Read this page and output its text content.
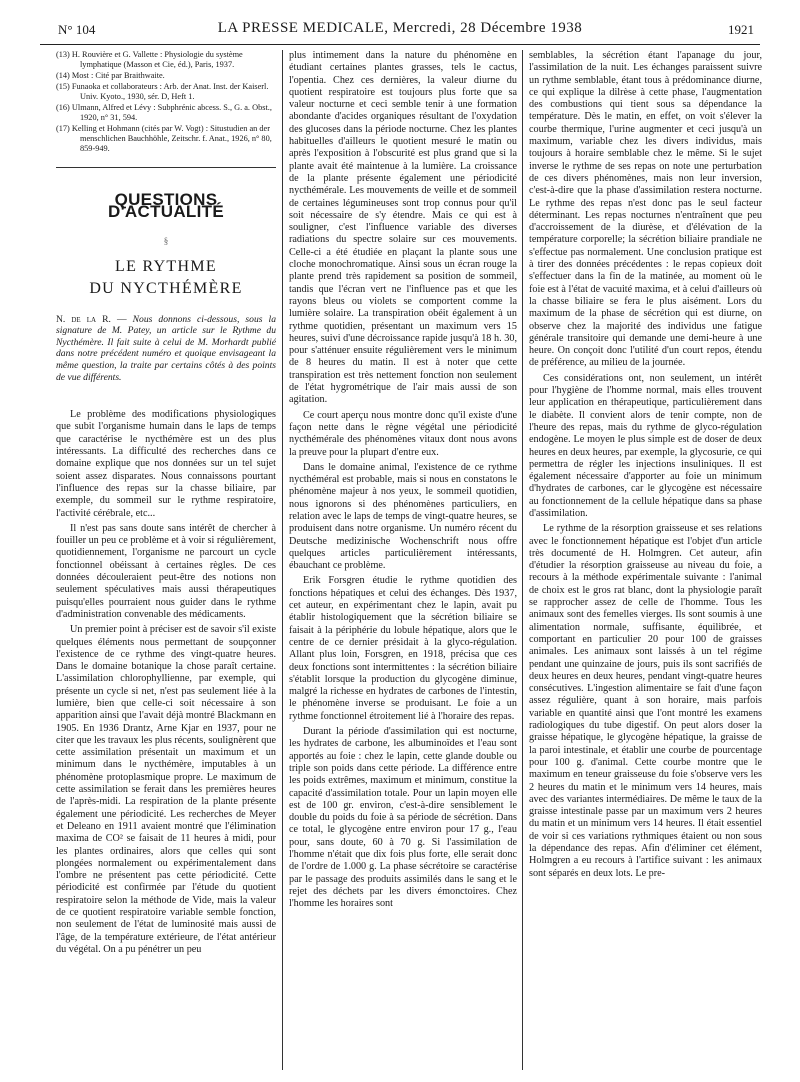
N° 104	LA PRESSE MEDICALE, Mercredi, 28 Décembre 1938	1921
(13) H. Rouvière et G. Vallette : Physiologie du système lymphatique (Masson et Cie, éd.), Paris, 1937.
(14) Most : Cité par Braithwaite.
(15) Funaoka et collaborateurs : Arb. der Anat. Inst. der Kaiserl. Univ. Kyoto., 1930, sér. D, Heft 1.
(16) Ulmann, Alfred et Lévy : Subphrénic abcess. S., G. a. Obst., 1920, n° 31, 594.
(17) Kelling et Hohmann (cités par W. Vogt) : Situstudien an der menschlichen Bauchhöhle, Zeitschr. f. Anat., 1926, n° 80, 859-949.
QUESTIONS D'ACTUALITÉ
§
LE RYTHME
DU NYCTHÉMÈRE

N. de la R. — Nous donnons ci-dessous, sous la signature de M. Patey, un article sur le Rythme du Nycthémère. Il fait suite à celui de M. Morhardt publié dans notre précédent numéro et quoique envisageant la même question, la traite par certains côtés à des points de vue différents.

Le problème des modifications physiologiques que subit l'organisme humain dans le laps de temps que caractérise le nycthémère est un des plus intéressants. La difficulté des recherches dans ce domaine explique que nos données sur un tel sujet soient assez disparates. Nous connaissons pourtant l'influence des repas sur la chasse biliaire, par exemple, du sommeil sur le rythme respiratoire, l'activité cérébrale, etc...

Il n'est pas sans doute sans intérêt de chercher à fouiller un peu ce problème et à voir si régulièrement, quotidiennement, l'organisme ne parcourt un cycle fonctionnel obéissant à certaines règles. De ces données découleraient peut-être des notions non seulement spéculatives mais aussi thérapeutiques puisqu'elles pourraient nous guider dans le rythme d'administration convenable des médicaments.

Un premier point à préciser est de savoir s'il existe quelques éléments nous permettant de soupçonner l'existence de ce rythme des vingt-quatre heures. Dans le domaine botanique la chose paraît certaine. L'assimilation chlorophyllienne, par exemple, qui présente un cycle si net, n'est pas seulement liée à la lumière, bien que celle-ci soit nécessaire à son apparition ainsi que l'avait déjà montré Blackmann en 1905. En 1936 Drantz, Arne Kjar en 1937, pour ne citer que les travaux les plus récents, soulignèrent que cette assimilation présentait un maximum et un minimum dans le nycthémère, imputables à un phénomène protoplasmique propre. Le maximum de cette assimilation se ferait dans les premières heures de l'après-midi. La respiration de la plante présente également une périodicité. Les recherches de Meyer et Deleano en 1911 avaient montré que l'élimination maxima de CO² se faisait de 11 heures à midi, pour les plantes ordinaires, alors que celles qui sont plongées normalement ou expérimentalement dans l'ombre ne présentent pas cette périodicité. Cette périodicité est confirmée par l'étude du quotient respiratoire selon la méthode de Vide, mais la valeur de ce quotient respiratoire variable semble fonction, non seulement de l'état de luminosité mais aussi de l'âge, de la température extérieure, de l'état antérieur du végétal. On a pu pénétrer un peu

plus intimement dans la nature du phénomène en étudiant certaines plantes grasses, tels le cactus, l'opentia. Chez ces dernières, la valeur diurne du quotient respiratoire est toujours plus forte que sa valeur nocturne et ceci semble tenir à une formation abondante d'acides organiques résultant de l'oxydation des glucoses dans la période nocturne. Chez les plantes habituelles d'ailleurs le quotient mesuré le matin ou après l'exposition à l'obscurité est plus grand que si la plante avait été maintenue à la lumière. La croissance de la plante présente également une périodicité nycthémérale. Les mouvements de veille et de sommeil de certaines légumineuses sont trop connus pour qu'il soit nécessaire de s'y étendre. Mais ce qui est à souligner, c'est l'influence variable des diverses radiations du spectre solaire sur ces mouvements. Celle-ci a été étudiée en plaçant la plante sous une cloche monochromatique. Ainsi sous un écran rouge la plante prend très rapidement sa position de sommeil, tandis que l'écran vert ne l'influence pas et que les rayons bleus ou violets se comportent comme la lumière solaire. La transpiration obéit également à un rythme quotidien, présentant un maximum vers 15 heures, suivi d'une décroissance rapide jusqu'à 18 h. 30, pour s'atténuer ensuite régulièrement vers le minimum de 8 heures du matin. Il est à noter que cette transpiration est très nettement fonction non seulement de l'état hygrométrique de l'air mais aussi de son agitation.

Ce court aperçu nous montre donc qu'il existe d'une façon nette dans le règne végétal une périodicité nycthémérale des phénomènes vitaux dont nous avons la preuve pour la plupart d'entre eux.

Dans le domaine animal, l'existence de ce rythme nycthéméral est probable, mais si nous en constatons le phénomène majeur à nos yeux, le sommeil quotidien, nous ignorons si des phénomènes particuliers, en relation avec le laps de temps de vingt-quatre heures, se produisent dans notre organisme. Un numéro récent du Deutsche medizinische Wochenschrift nous offre quelques articles particulièrement intéressants, ébauchant ce problème.

Erik Forsgren étudie le rythme quotidien des fonctions hépatiques et celui des échanges. Dès 1937, cet auteur, en expérimentant chez le lapin, avait pu établir histologiquement que la sécrétion biliaire se faisait à la périphérie du lobule hépatique, alors que le centre de ce dernier présidait à la glyco-régulation. Allant plus loin, Forsgren, en 1918, précisa que ces deux fonctions sont intermittentes : la sécrétion biliaire s'établit lorsque la production du glycogène diminue, malgré la richesse en hydrates de carbones de l'intestin, le phénomène inverse se produisant. Le foie a un rythme fonctionnel étroitement lié à l'horaire des repas.

Durant la période d'assimilation qui est nocturne, les hydrates de carbone, les albuminoïdes et l'eau sont apportés au foie : chez le lapin, cette glande double ou triple son poids dans cette période. La différence entre les poids extrêmes, maximum et minimum, constitue la capacité d'assimilation totale. Pour un lapin moyen elle est de 100 gr. environ, c'est-à-dire sensiblement le double du poids du foie à sa période de sécrétion. Dans ce total, le glycogène entre environ pour 17 g., l'eau pour, sans doute, 60 à 70 g. Si l'assimilation de l'homme n'était que dix fois plus forte, elle serait donc de l'ordre de 1.000 g. La phase sécrétoire se caractérise par le passage des produits assimilés dans le sang et le rejet des déchets par les divers émonctoires. Chez l'homme les horaires sont

semblables, la sécrétion étant l'apanage du jour, l'assimilation de la nuit. Les échanges paraissent suivre un rythme semblable, étant tous à prédominance diurne, ce qui explique la dilrèse à cette phase, l'augmentation des combustions qui tient sous sa dépendance la température. Dès le matin, en effet, on voit s'élever la courbe thermique, l'urine augmenter et ceci jusqu'à un maximum, variable chez les divers individus, mais toujours à horaire semblable chez le même. Si le sujet inverse le rythme de ses repas on note une perturbation de ces divers phénomènes, mais non leur inversion, c'est-à-dire que la phase d'assimilation restera nocturne. Le rythme des repas n'est donc pas le seul facteur déterminant. Les repas nocturnes n'entraînent que peu d'accroissement de la diurèse, et d'élévation de la température corporelle; la sécrétion biliaire prandiale ne s'effectue pas normalement. Une conclusion pratique est à tirer des données précédentes : le repas copieux doit s'effectuer dans la fin de la matinée, au moment où le foie est à l'état de vacuité maxima, et à celui d'ailleurs où la chasse biliaire se fera le plus aisément. Lors du maximum de la phase de sécrétion qui est diurne, on observe chez la majorité des individus une fatigue générale transitoire qui demande une demi-heure à une heure. On conçoit donc l'utilité d'un court repos, étendu de préférence, au milieu de la journée.

Ces considérations ont, non seulement, un intérêt pour l'hygiène de l'homme normal, mais elles trouvent leur application en thérapeutique, particulièrement dans le diabète. Il convient alors de tenir compte, non de l'heure des repas, mais du rythme de glyco-régulation endogène. Le moyen le plus simple est de doser de deux heures en deux heures, par exemple, la glycosurie, ce qui permettra de régler les injections insuliniques. Il est également nécessaire d'apporter au foie un minimum d'hydrates de carbones, car le glycogène est nécessaire au fonctionnement de la cellule hépatique dans sa phase d'assimilation.

Le rythme de la résorption graisseuse et ses relations avec le fonctionnement hépatique est l'objet d'un article très documenté de H. Holmgren. Cet auteur, afin d'étudier la résorption graisseuse au niveau du foie, a recours à la méthode expérimentale suivante : l'animal de choix est le gros rat blanc, dont la physiologie paraît se rapprocher assez de celle de l'homme. Tous les animaux sont des femelles vierges. Ils sont soumis à une alimentation normale, suffisante, équilibrée, et comportant en particulier 20 pour 100 de graisses animales. Les animaux sont laissés à un tel régime pendant une quinzaine de jours, puis ils sont sacrifiés de deux heures en deux heures, pendant vingt-quatre heures consécutives. L'ingestion alimentaire se fait d'une façon assez régulière, quant à son horaire, mais parfois variable en quantité ainsi que l'ont montré les examens radiologiques du tube digestif. On peut alors doser la graisse hépatique, le glycogène hépatique, la graisse de la paroi intestinale, et établir une courbe de pourcentage pour 100 g. d'animal. Cette courbe montre que le maximum en teneur graisseuse du foie s'observe vers les 2 heures du matin et le minimum vers 14 heures, mais avec des variantes intermédiaires. De même le taux de la graisse intestinale passe par un maximum vers 2 heures du matin et un minimum vers 14 heures. Il était essentiel de voir si ces variations rythmiques étaient ou non sous la dépendance des repas. Afin d'éliminer cet élément, Holmgren a eu recours à l'artifice suivant : les animaux sont séparés en deux lots. Le pre-
